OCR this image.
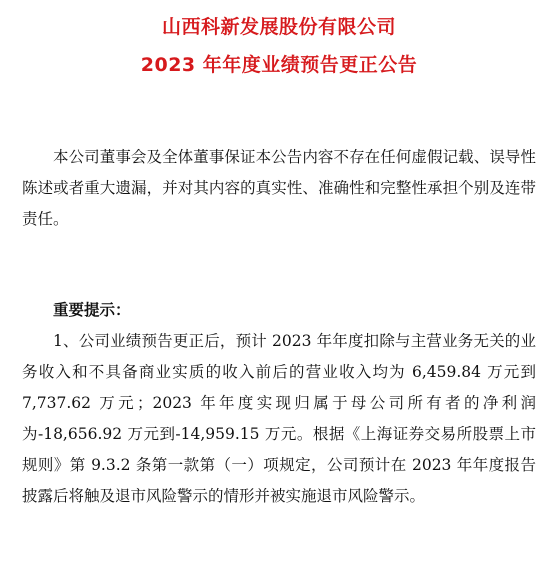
山西科新发展股份有限公司
2023 年年度业绩预告更正公告

本公司董事会及全体董事保证本公告内容不存在任何虚假记载、误导性陈述或者重大遗漏，并对其内容的真实性、准确性和完整性承担个别及连带责任。

重要提示：

1、公司业绩预告更正后，预计 2023 年年度扣除与主营业务无关的业务收入和不具备商业实质的收入前后的营业收入均为 6,459.84 万元到 7,737.62 万元；2023 年年度实现归属于母公司所有者的净利润为-18,656.92 万元到-14,959.15 万元。根据《上海证券交易所股票上市规则》第 9.3.2 条第一款第（一）项规定，公司预计在 2023 年年度报告披露后将触及退市风险警示的情形并被实施退市风险警示。
